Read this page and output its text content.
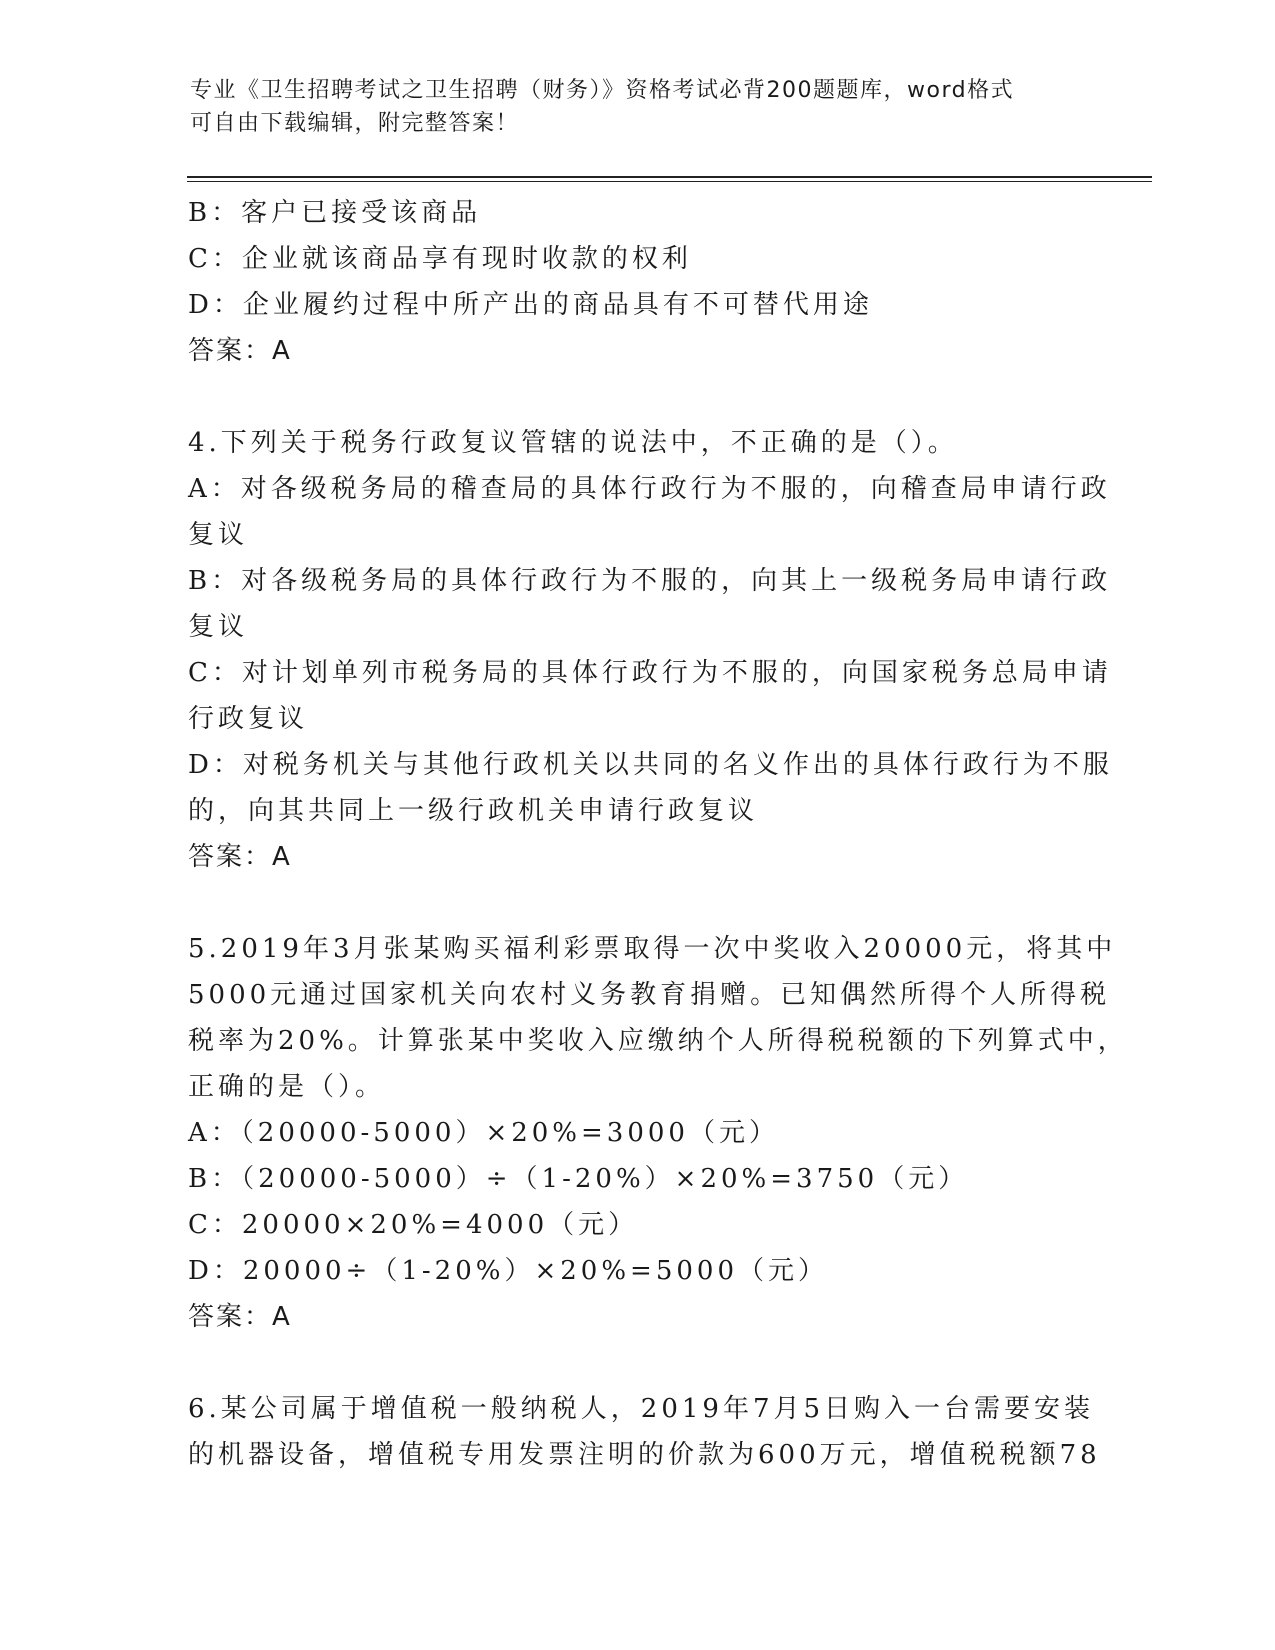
专业《卫生招聘考试之卫生招聘（财务）》资格考试必背200题题库，word格式
可自由下载编辑，附完整答案！
B：客户已接受该商品
C：企业就该商品享有现时收款的权利
D：企业履约过程中所产出的商品具有不可替代用途
答案：A
4.下列关于税务行政复议管辖的说法中，不正确的是（）。
A：对各级税务局的稽查局的具体行政行为不服的，向稽查局申请行政
复议
B：对各级税务局的具体行政行为不服的，向其上一级税务局申请行政
复议
C：对计划单列市税务局的具体行政行为不服的，向国家税务总局申请
行政复议
D：对税务机关与其他行政机关以共同的名义作出的具体行政行为不服
的，向其共同上一级行政机关申请行政复议
答案：A
5.2019年3月张某购买福利彩票取得一次中奖收入20000元，将其中
5000元通过国家机关向农村义务教育捐赠。已知偶然所得个人所得税
税率为20%。计算张某中奖收入应缴纳个人所得税税额的下列算式中，
正确的是（）。
A：（20000-5000）×20%=3000（元）
B：（20000-5000）÷（1-20%）×20%=3750（元）
C：20000×20%=4000（元）
D：20000÷（1-20%）×20%=5000（元）
答案：A
6.某公司属于增值税一般纳税人，2019年7月5日购入一台需要安装
的机器设备，增值税专用发票注明的价款为600万元，增值税税额78
